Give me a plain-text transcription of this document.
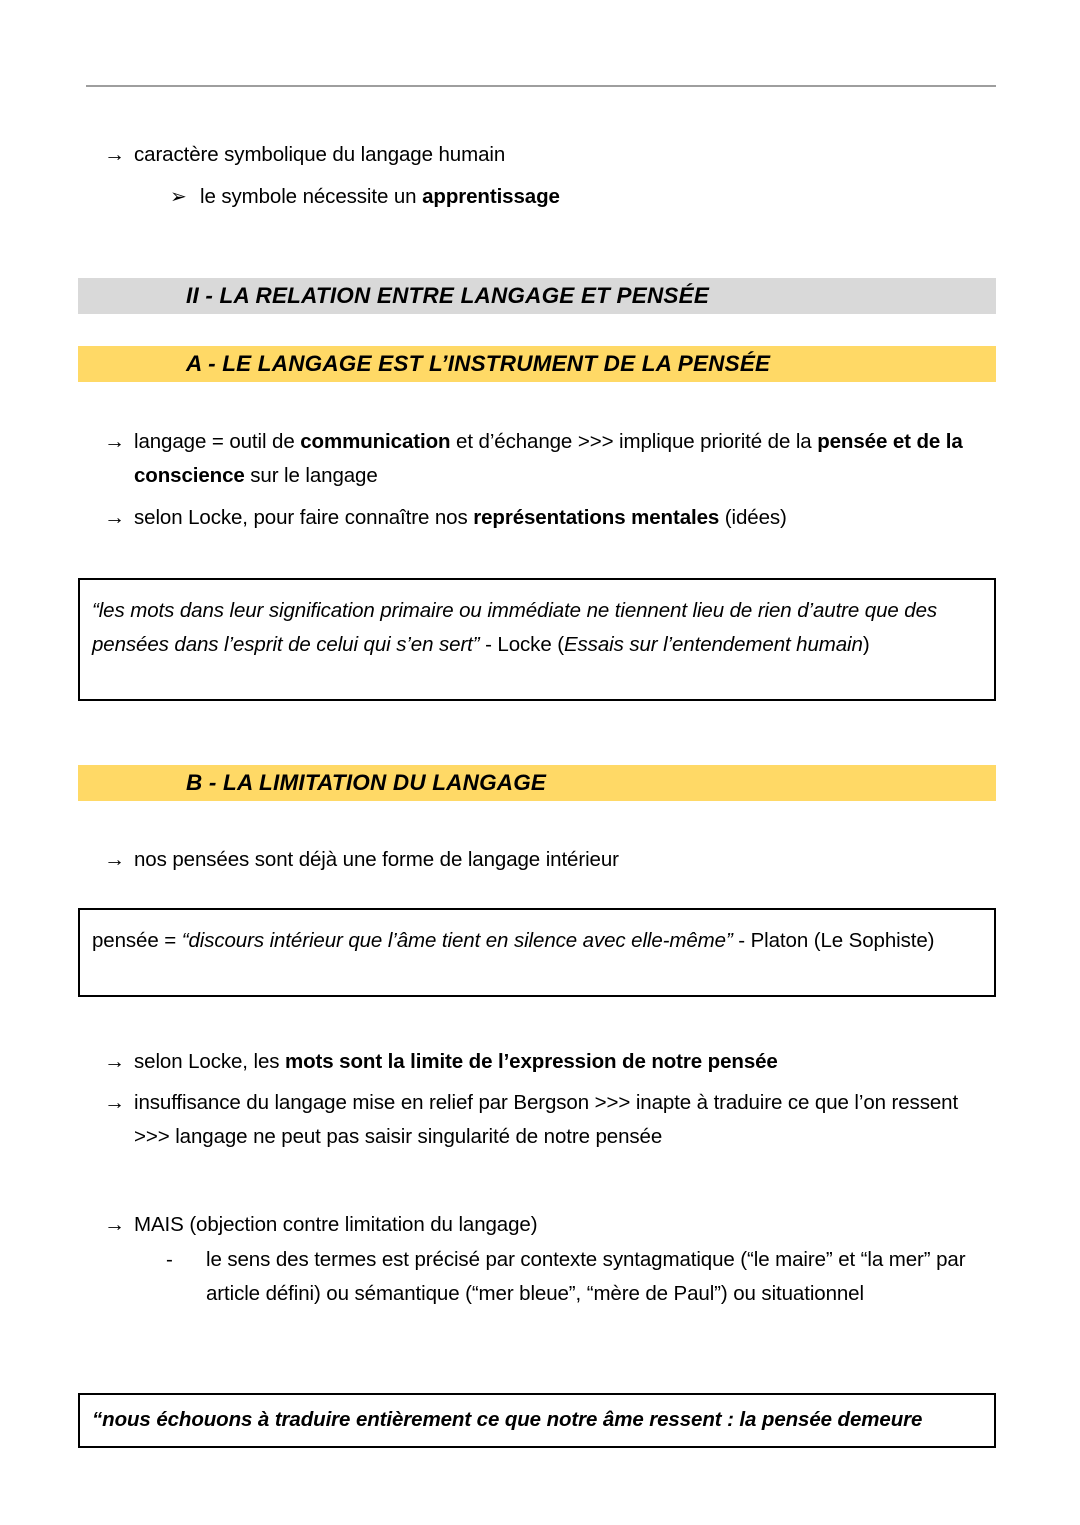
→ caractère symbolique du langage humain
➢ le symbole nécessite un apprentissage
II - LA RELATION ENTRE LANGAGE ET PENSÉE
A - LE LANGAGE EST L’INSTRUMENT DE LA PENSÉE
→ langage = outil de communication et d’échange >>> implique priorité de la pensée et de la conscience sur le langage
→ selon Locke, pour faire connaître nos représentations mentales (idées)
“les mots dans leur signification primaire ou immédiate ne tiennent lieu de rien d’autre que des pensées dans l’esprit de celui qui s’en sert” - Locke (Essais sur l’entendement humain)
B - LA LIMITATION DU LANGAGE
→ nos pensées sont déjà une forme de langage intérieur
pensée = “discours intérieur que l’âme tient en silence avec elle-même” - Platon (Le Sophiste)
→ selon Locke, les mots sont la limite de l’expression de notre pensée
→ insuffisance du langage mise en relief par Bergson >>> inapte à traduire ce que l’on ressent >>> langage ne peut pas saisir singularité de notre pensée
→ MAIS (objection contre limitation du langage)
-	le sens des termes est précisé par contexte syntagmatique (“le maire” et “la mer” par article défini) ou sémantique (“mer bleue”, “mère de Paul”) ou situationnel
“nous échouons à traduire entièrement ce que notre âme ressent : la pensée demeure
